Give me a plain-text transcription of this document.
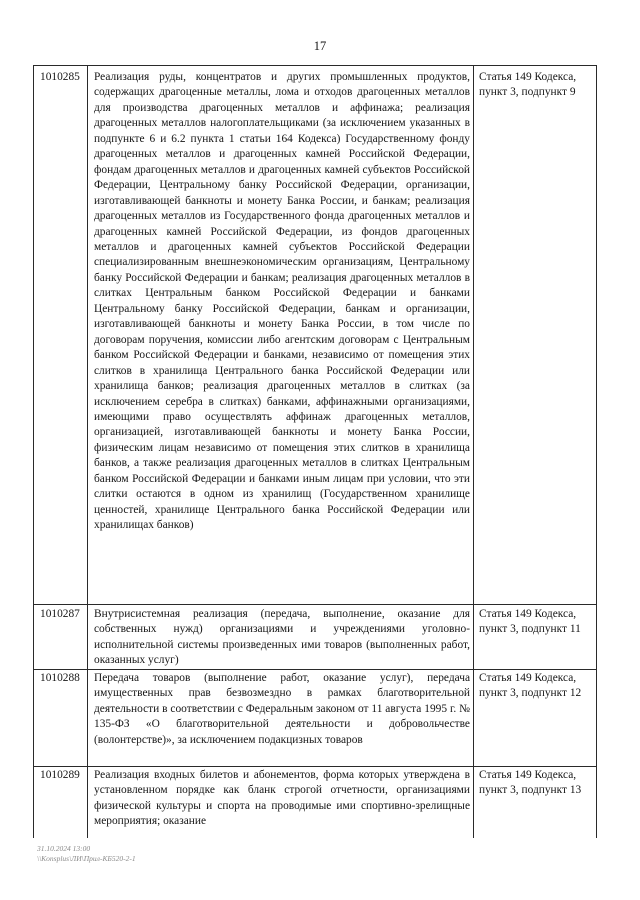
17
1010285	Реализация руды, концентратов и других промышленных продуктов, содержащих драгоценные металлы, лома и отходов драгоценных металлов для производства драгоценных металлов и аффинажа; реализация драгоценных металлов налогоплательщиками (за исключением указанных в подпункте 6 и 6.2 пункта 1 статьи 164 Кодекса) Государственному фонду драгоценных металлов и драгоценных камней Российской Федерации, фондам драгоценных металлов и драгоценных камней субъектов Российской Федерации, Центральному банку Российской Федерации, организации, изготавливающей банкноты и монету Банка России, и банкам; реализация драгоценных металлов из Государственного фонда драгоценных металлов и драгоценных камней Российской Федерации, из фондов драгоценных металлов и драгоценных камней субъектов Российской Федерации специализированным внешнеэкономическим организациям, Центральному банку Российской Федерации и банкам; реализация драгоценных металлов в слитках Центральным банком Российской Федерации и банками Центральному банку Российской Федерации, банкам и организации, изготавливающей банкноты и монету Банка России, в том числе по договорам поручения, комиссии либо агентским договорам с Центральным банком Российской Федерации и банками, независимо от помещения этих слитков в хранилища Центрального банка Российской Федерации или хранилища банков; реализация драгоценных металлов в слитках (за исключением серебра в слитках) банками, аффинажными организациями, имеющими право осуществлять аффинаж драгоценных металлов, организацией, изготавливающей банкноты и монету Банка России, физическим лицам независимо от помещения этих слитков в хранилища банков, а также реализация драгоценных металлов в слитках Центральным банком Российской Федерации и банками иным лицам при условии, что эти слитки остаются в одном из хранилищ (Государственном хранилище ценностей, хранилище Центрального банка Российской Федерации или хранилищах банков)	Статья 149 Кодекса, пункт 3, подпункт 9
1010287	Внутрисистемная реализация (передача, выполнение, оказание для собственных нужд) организациями и учреждениями уголовно-исполнительной системы произведенных ими товаров (выполненных работ, оказанных услуг)	Статья 149 Кодекса, пункт 3, подпункт 11
1010288	Передача товаров (выполнение работ, оказание услуг), передача имущественных прав безвозмездно в рамках благотворительной деятельности в соответствии с Федеральным законом от 11 августа 1995 г. № 135-ФЗ «О благотворительной деятельности и добровольчестве (волонтерстве)», за исключением подакцизных товаров	Статья 149 Кодекса, пункт 3, подпункт 12
1010289	Реализация входных билетов и абонементов, форма которых утверждена в установленном порядке как бланк строгой отчетности, организациями физической культуры и спорта на проводимые ими спортивно-зрелищные мероприятия; оказание	Статья 149 Кодекса, пункт 3, подпункт 13
31.10.2024 13:00
\\Konsplus\ЛИ\Прил-КБ520-2-1
